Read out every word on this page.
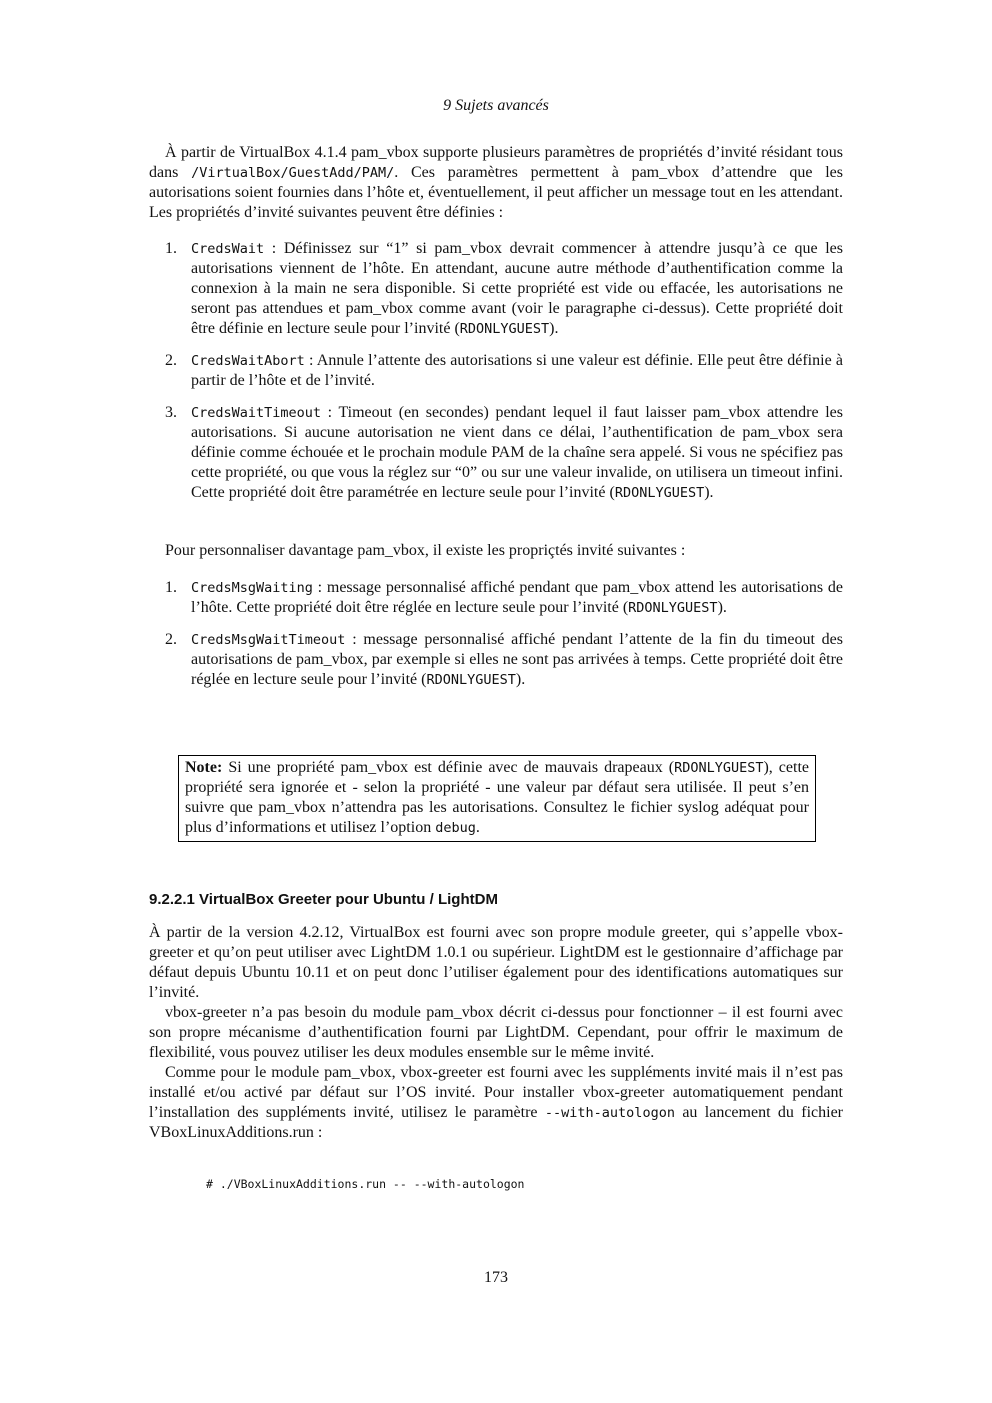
9 Sujets avancés

À partir de VirtualBox 4.1.4 pam_vbox supporte plusieurs paramètres de propriétés d’invité résidant tous dans /VirtualBox/GuestAdd/PAM/. Ces paramètres permettent à pam_vbox d’attendre que les autorisations soient fournies dans l’hôte et, éventuellement, il peut afficher un message tout en les attendant. Les propriétés d’invité suivantes peuvent être définies :

1. CredsWait : Définissez sur “1” si pam_vbox devrait commencer à attendre jusqu’à ce que les autorisations viennent de l’hôte. En attendant, aucune autre méthode d’authentification comme la connexion à la main ne sera disponible. Si cette propriété est vide ou effacée, les autorisations ne seront pas attendues et pam_vbox comme avant (voir le paragraphe ci-dessus). Cette propriété doit être définie en lecture seule pour l’invité (RDONLYGUEST).
2. CredsWaitAbort : Annule l’attente des autorisations si une valeur est définie. Elle peut être définie à partir de l’hôte et de l’invité.
3. CredsWaitTimeout : Timeout (en secondes) pendant lequel il faut laisser pam_vbox attendre les autorisations. Si aucune autorisation ne vient dans ce délai, l’authentification de pam_vbox sera définie comme échouée et le prochain module PAM de la chaîne sera appelé. Si vous ne spécifiez pas cette propriété, ou que vous la réglez sur “0” ou sur une valeur invalide, on utilisera un timeout infini. Cette propriété doit être paramétrée en lecture seule pour l’invité (RDONLYGUEST).

Pour personnaliser davantage pam_vbox, il existe les propriçtés invité suivantes :

1. CredsMsgWaiting : message personnalisé affiché pendant que pam_vbox attend les autorisations de l’hôte. Cette propriété doit être réglée en lecture seule pour l’invité (RDONLYGUEST).
2. CredsMsgWaitTimeout : message personnalisé affiché pendant l’attente de la fin du timeout des autorisations de pam_vbox, par exemple si elles ne sont pas arrivées à temps. Cette propriété doit être réglée en lecture seule pour l’invité (RDONLYGUEST).
Note: Si une propriété pam_vbox est définie avec de mauvais drapeaux (RDONLYGUEST), cette propriété sera ignorée et - selon la propriété - une valeur par défaut sera utilisée. Il peut s’en suivre que pam_vbox n’attendra pas les autorisations. Consultez le fichier syslog adéquat pour plus d’informations et utilisez l’option debug.
9.2.2.1 VirtualBox Greeter pour Ubuntu / LightDM

À partir de la version 4.2.12, VirtualBox est fourni avec son propre module greeter, qui s’appelle vbox-greeter et qu’on peut utiliser avec LightDM 1.0.1 ou supérieur. LightDM est le gestionnaire d’affichage par défaut depuis Ubuntu 10.11 et on peut donc l’utiliser également pour des identifications automatiques sur l’invité.

vbox-greeter n’a pas besoin du module pam_vbox décrit ci-dessus pour fonctionner – il est fourni avec son propre mécanisme d’authentification fourni par LightDM. Cependant, pour offrir le maximum de flexibilité, vous pouvez utiliser les deux modules ensemble sur le même invité.

Comme pour le module pam_vbox, vbox-greeter est fourni avec les suppléments invité mais il n’est pas installé et/ou activé par défaut sur l’OS invité. Pour installer vbox-greeter automatiquement pendant l’installation des suppléments invité, utilisez le paramètre --with-autologon au lancement du fichier VBoxLinuxAdditions.run :

# ./VBoxLinuxAdditions.run -- --with-autologon
173
